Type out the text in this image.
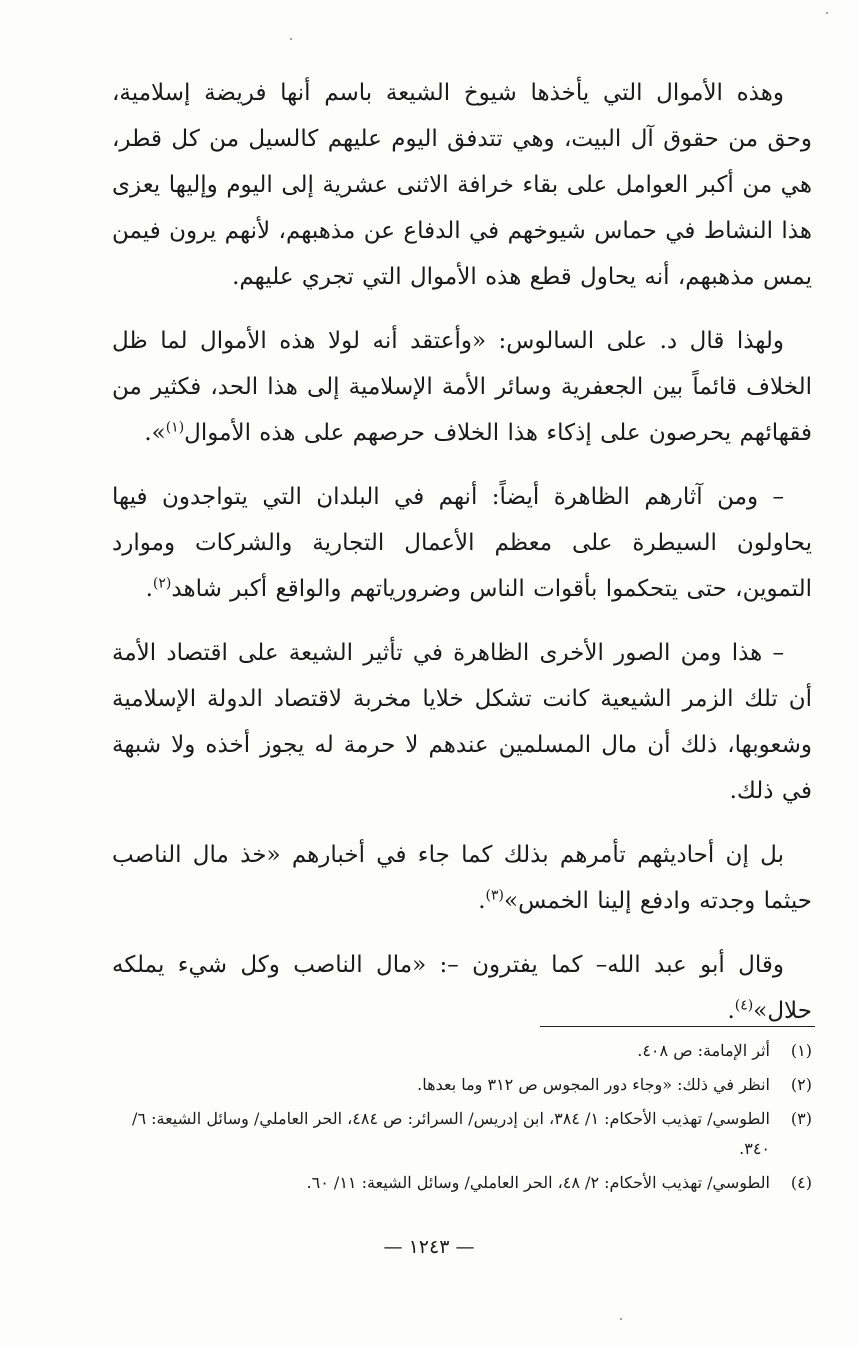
وهذه الأموال التي يأخذها شيوخ الشيعة باسم أنها فريضة إسلامية، وحق من حقوق آل البيت، وهي تتدفق اليوم عليهم كالسيل من كل قطر، هي من أكبر العوامل على بقاء خرافة الاثنى عشرية إلى اليوم وإليها يعزى هذا النشاط في حماس شيوخهم في الدفاع عن مذهبهم، لأنهم يرون فيمن يمس مذهبهم، أنه يحاول قطع هذه الأموال التي تجري عليهم.

ولهذا قال د. على السالوس: «وأعتقد أنه لولا هذه الأموال لما ظل الخلاف قائماً بين الجعفرية وسائر الأمة الإسلامية إلى هذا الحد، فكثير من فقهائهم يحرصون على إذكاء هذا الخلاف حرصهم على هذه الأموال$^{(١)}$».

– ومن آثارهم الظاهرة أيضاً: أنهم في البلدان التي يتواجدون فيها يحاولون السيطرة على معظم الأعمال التجارية والشركات وموارد التموين، حتى يتحكموا بأقوات الناس وضرورياتهم والواقع أكبر شاهد$^{(٢)}$.

– هذا ومن الصور الأخرى الظاهرة في تأثير الشيعة على اقتصاد الأمة أن تلك الزمر الشيعية كانت تشكل خلايا مخربة لاقتصاد الدولة الإسلامية وشعوبها، ذلك أن مال المسلمين عندهم لا حرمة له يجوز أخذه ولا شبهة في ذلك.

بل إن أحاديثهم تأمرهم بذلك كما جاء في أخبارهم «خذ مال الناصب حيثما وجدته وادفع إلينا الخمس»$^{(٣)}$.

وقال أبو عبد الله– كما يفترون –: «مال الناصب وكل شيء يملكه حلال»$^{(٤)}$.

(١)
أثر الإمامة: ص ٤٠٨.
(٢)
انظر في ذلك: «وجاء دور المجوس ص ٣١٢ وما بعدها.
(٣)
الطوسي/ تهذيب الأحكام: ١/ ٣٨٤، ابن إدريس/ السرائر: ص ٤٨٤، الحر العاملي/ وسائل الشيعة: ٦/ ٣٤٠.
(٤)
الطوسي/ تهذيب الأحكام: ٢/ ٤٨، الحر العاملي/ وسائل الشيعة: ١١/ ٦٠.
— ١٢٤٣ —
